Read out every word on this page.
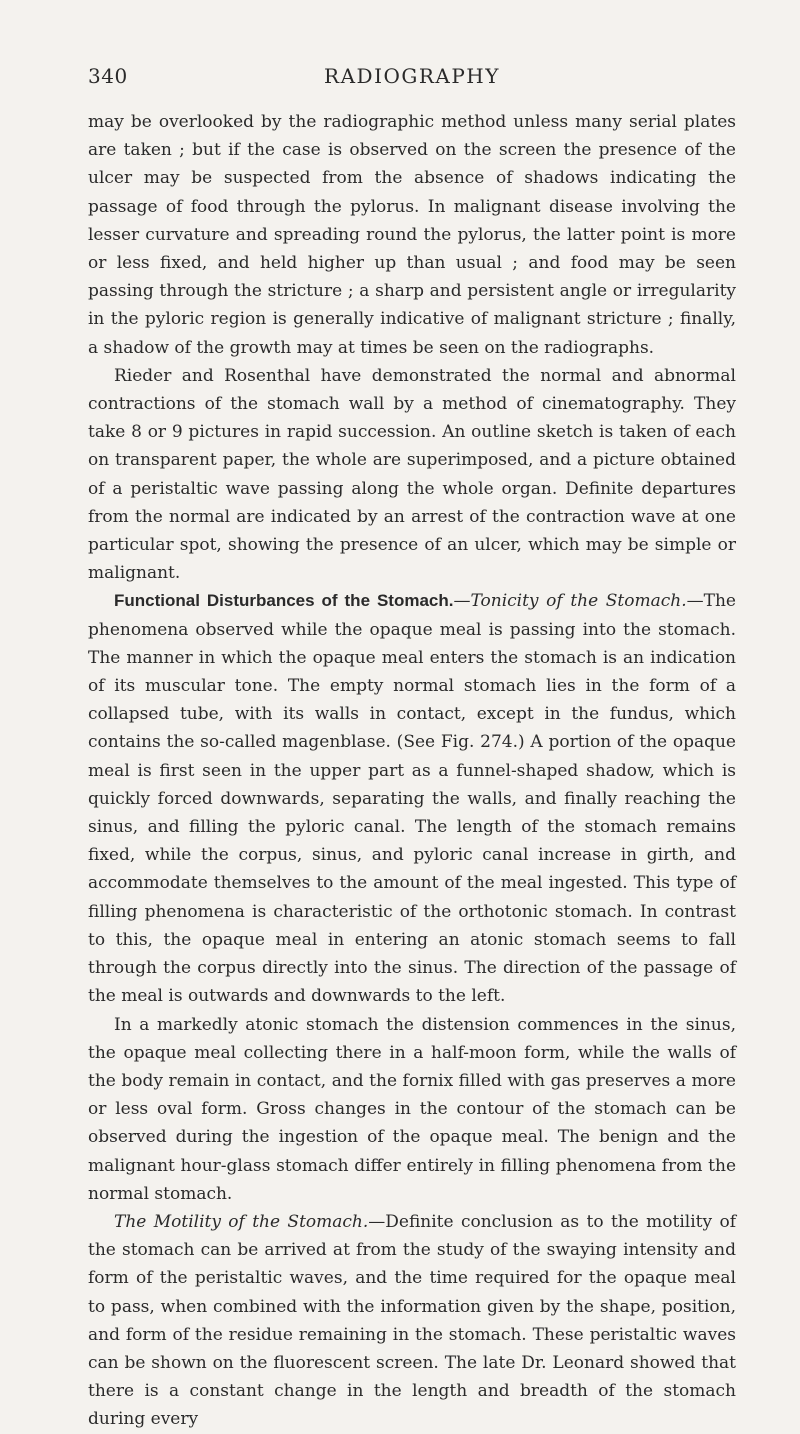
340	RADIOGRAPHY

may be overlooked by the radiographic method unless many serial plates are taken ; but if the case is observed on the screen the presence of the ulcer may be suspected from the absence of shadows indicating the passage of food through the pylorus. In malignant disease involving the lesser curvature and spreading round the pylorus, the latter point is more or less fixed, and held higher up than usual ; and food may be seen passing through the stricture ; a sharp and persistent angle or irregularity in the pyloric region is generally indicative of malignant stricture ; finally, a shadow of the growth may at times be seen on the radiographs.

Rieder and Rosenthal have demonstrated the normal and abnormal contractions of the stomach wall by a method of cinematography. They take 8 or 9 pictures in rapid succession. An outline sketch is taken of each on transparent paper, the whole are superimposed, and a picture obtained of a peristaltic wave passing along the whole organ. Definite departures from the normal are indicated by an arrest of the contraction wave at one particular spot, showing the presence of an ulcer, which may be simple or malignant.

Functional Disturbances of the Stomach.—Tonicity of the Stomach.—The phenomena observed while the opaque meal is passing into the stomach. The manner in which the opaque meal enters the stomach is an indication of its muscular tone. The empty normal stomach lies in the form of a collapsed tube, with its walls in contact, except in the fundus, which contains the so-called magenblase. (See Fig. 274.) A portion of the opaque meal is first seen in the upper part as a funnel-shaped shadow, which is quickly forced downwards, separating the walls, and finally reaching the sinus, and filling the pyloric canal. The length of the stomach remains fixed, while the corpus, sinus, and pyloric canal increase in girth, and accommodate themselves to the amount of the meal ingested. This type of filling phenomena is characteristic of the orthotonic stomach. In contrast to this, the opaque meal in entering an atonic stomach seems to fall through the corpus directly into the sinus. The direction of the passage of the meal is outwards and downwards to the left.

In a markedly atonic stomach the distension commences in the sinus, the opaque meal collecting there in a half-moon form, while the walls of the body remain in contact, and the fornix filled with gas preserves a more or less oval form. Gross changes in the contour of the stomach can be observed during the ingestion of the opaque meal. The benign and the malignant hour-glass stomach differ entirely in filling phenomena from the normal stomach.

The Motility of the Stomach.—Definite conclusion as to the motility of the stomach can be arrived at from the study of the swaying intensity and form of the peristaltic waves, and the time required for the opaque meal to pass, when combined with the information given by the shape, position, and form of the residue remaining in the stomach. These peristaltic waves can be shown on the fluorescent screen. The late Dr. Leonard showed that there is a constant change in the length and breadth of the stomach during every
